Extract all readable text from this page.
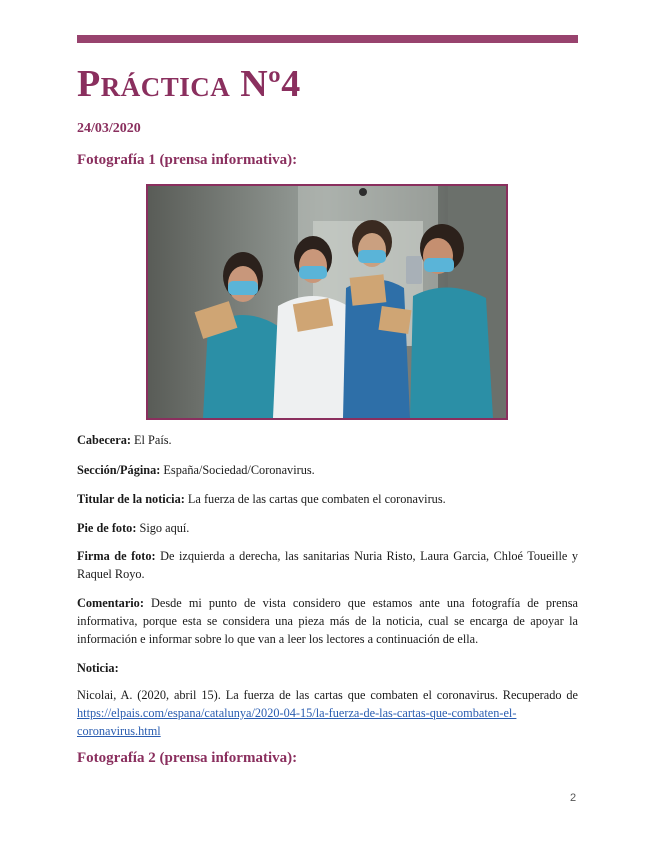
Práctica Nº4
24/03/2020
Fotografía 1 (prensa informativa):
Cabecera: El País.
Sección/Página: España/Sociedad/Coronavirus.
Titular de la noticia: La fuerza de las cartas que combaten el coronavirus.
Pie de foto: Sigo aquí.
Firma de foto: De izquierda a derecha, las sanitarias Nuria Risto, Laura Garcia, Chloé Toueille y Raquel Royo.
Comentario: Desde mi punto de vista considero que estamos ante una fotografía de prensa informativa, porque esta se considera una pieza más de la noticia, cual se encarga de apoyar la información e informar sobre lo que van a leer los lectores a continuación de ella.
Noticia:
Nicolai, A. (2020, abril 15). La fuerza de las cartas que combaten el coronavirus. Recuperado de https://elpais.com/espana/catalunya/2020-04-15/la-fuerza-de-las-cartas-que-combaten-el-coronavirus.html
Fotografía 2 (prensa informativa):
2
